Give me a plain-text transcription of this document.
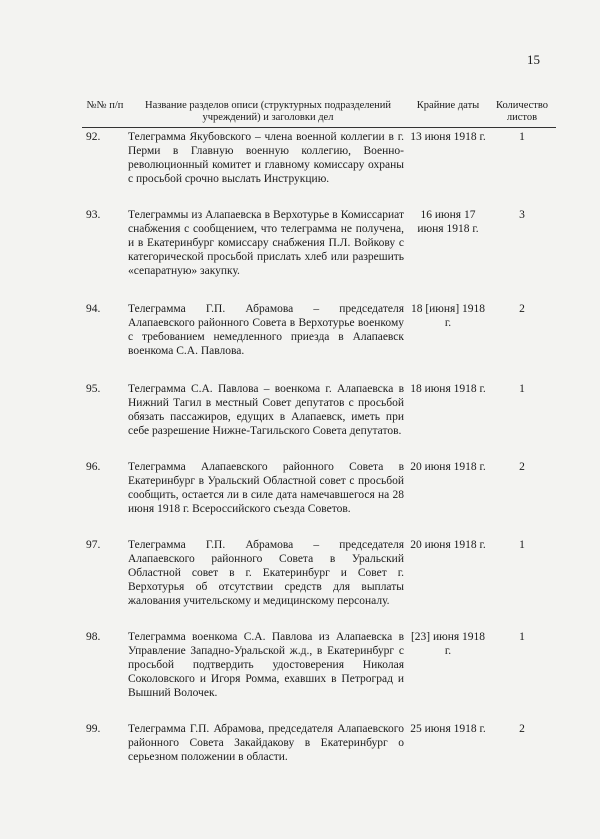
15
№№ п/п	Название разделов описи (структурных подразделений учреждений) и заголовки дел	Крайние даты	Количество листов
92.	Телеграмма Якубовского – члена военной коллегии в г. Перми в Главную военную коллегию, Военно-революционный комитет и главному комиссару охраны с просьбой срочно выслать Инструкцию.	13 июня 1918 г.	1

93.	Телеграммы из Алапаевска в Верхотурье в Комиссариат снабжения с сообщением, что телеграмма не получена, и в Екатеринбург комиссару снабжения П.Л. Войкову с категорической просьбой прислать хлеб или разрешить «сепаратную» закупку.	16 июня 17 июня 1918 г.	3

94.	Телеграмма Г.П. Абрамова – председателя Алапаевского районного Совета в Верхотурье военкому с требованием немедленного приезда в Алапаевск военкома С.А. Павлова.	18 [июня] 1918 г.	2

95.	Телеграмма С.А. Павлова – военкома г. Алапаевска в Нижний Тагил в местный Совет депутатов с просьбой обязать пассажиров, едущих в Алапаевск, иметь при себе разрешение Нижне-Тагильского Совета депутатов.	18 июня 1918 г.	1

96.	Телеграмма Алапаевского районного Совета в Екатеринбург в Уральский Областной совет с просьбой сообщить, остается ли в силе дата намечавшегося на 28 июня 1918 г. Всероссийского съезда Советов.	20 июня 1918 г.	2

97.	Телеграмма Г.П. Абрамова – председателя Алапаевского районного Совета в Уральский Областной совет в г. Екатеринбург и Совет г. Верхотурья об отсутствии средств для выплаты жалования учительскому и медицинскому персоналу.	20 июня 1918 г.	1

98.	Телеграмма военкома С.А. Павлова из Алапаевска в Управление Западно-Уральской ж.д., в Екатеринбург с просьбой подтвердить удостоверения Николая Соколовского и Игоря Ромма, ехавших в Петроград и Вышний Волочек.	[23] июня 1918 г.	1

99.	Телеграмма Г.П. Абрамова, председателя Алапаевского районного Совета Закайдакову в Екатеринбург о серьезном положении в области.	25 июня 1918 г.	2
